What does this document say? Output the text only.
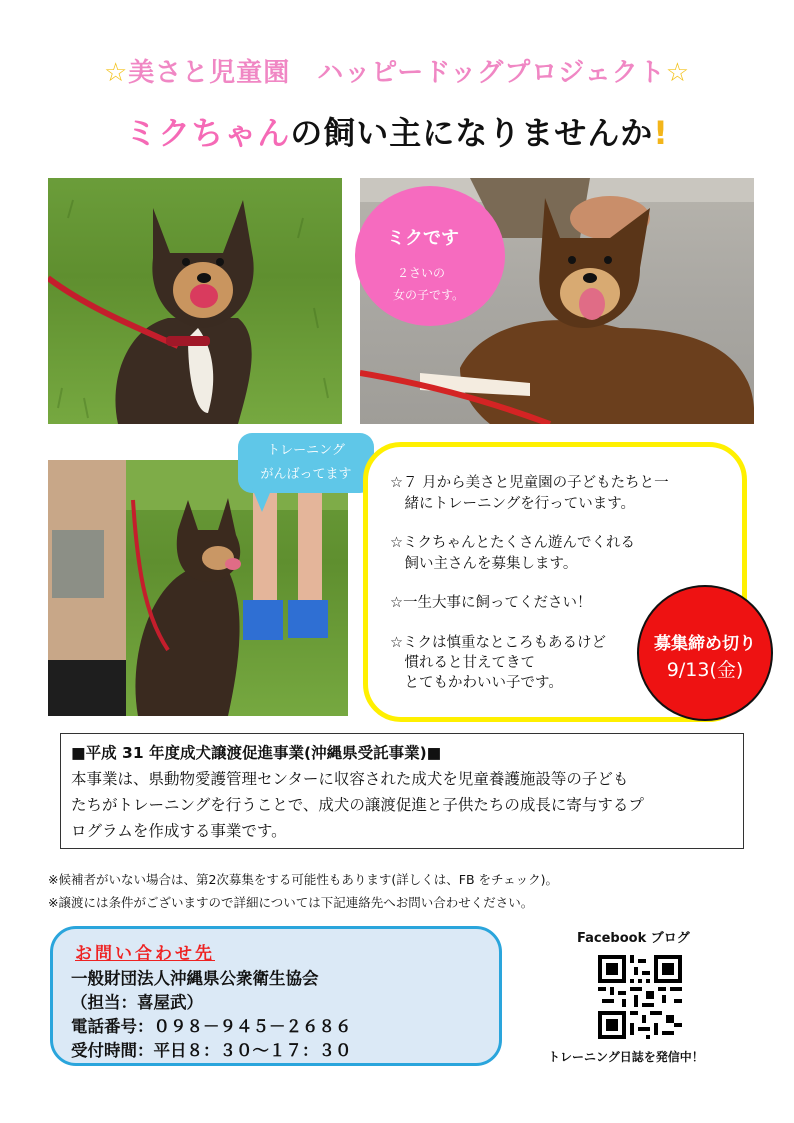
☆美さと児童園　ハッピードッグプロジェクト☆
ミクちゃんの飼い主になりませんか!
ミクです
２さいの
女の子です。
トレーニング
がんばってます
☆７ 月から美さと児童園の子どもたちと一
　緒にトレーニングを行っています。
☆ミクちゃんとたくさん遊んでくれる
　飼い主さんを募集します。
☆一生大事に飼ってください！
☆ミクは慎重なところもあるけど
　慣れると甘えてきて
　とてもかわいい子です。
募集締め切り
9/13(金)
■平成 31 年度成犬譲渡促進事業(沖縄県受託事業)■
本事業は、県動物愛護管理センターに収容された成犬を児童養護施設等の子ども
たちがトレーニングを行うことで、成犬の譲渡促進と子供たちの成長に寄与するプ
ログラムを作成する事業です。
※候補者がいない場合は、第2次募集をする可能性もあります(詳しくは、FB をチェック)。
※譲渡には条件がございますので詳細については下記連絡先へお問い合わせください。
お問い合わせ先
一般財団法人沖縄県公衆衛生協会
（担当：喜屋武）
電話番号：０９８－９４５－２６８６
受付時間：平日８：３０～１７：３０
Facebook ブログ
トレーニング日誌を発信中！
